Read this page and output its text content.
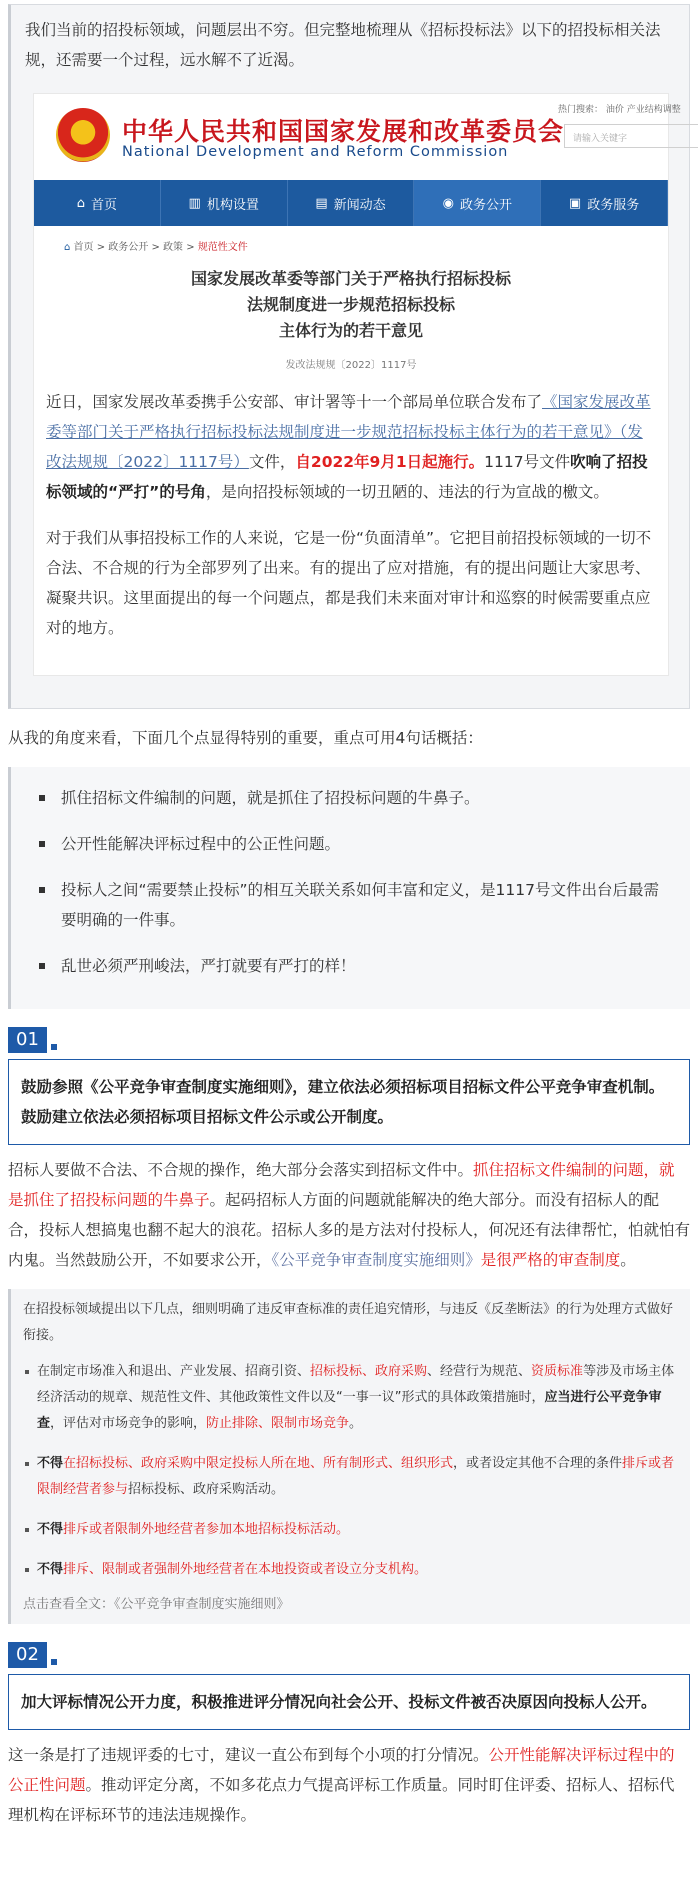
我们当前的招投标领域，问题层出不穷。但完整地梳理从《招标投标法》以下的招投标相关法规，还需要一个过程，远水解不了近渴。
中华人民共和国国家发展和改革委员会
National Development and Reform Commission
热门搜索： 油价 产业结构调整
请输入关键字
⌂ 首页	▥ 机构设置	▤ 新闻动态	◉ 政务公开	▣ 政务服务
⌂ 首页 > 政务公开 > 政策 > 规范性文件
国家发展改革委等部门关于严格执行招标投标
法规制度进一步规范招标投标
主体行为的若干意见
发改法规规〔2022〕1117号
近日，国家发展改革委携手公安部、审计署等十一个部局单位联合发布了《国家发展改革委等部门关于严格执行招标投标法规制度进一步规范招标投标主体行为的若干意见》（发改法规规〔2022〕1117号）文件，自2022年9月1日起施行。1117号文件吹响了招投标领域的“严打”的号角，是向招投标领域的一切丑陋的、违法的行为宣战的檄文。
对于我们从事招投标工作的人来说，它是一份“负面清单”。它把目前招投标领域的一切不合法、不合规的行为全部罗列了出来。有的提出了应对措施，有的提出问题让大家思考、凝聚共识。这里面提出的每一个问题点，都是我们未来面对审计和巡察的时候需要重点应对的地方。
从我的角度来看，下面几个点显得特别的重要，重点可用4句话概括：
抓住招标文件编制的问题，就是抓住了招投标问题的牛鼻子。
公开性能解决评标过程中的公正性问题。
投标人之间“需要禁止投标”的相互关联关系如何丰富和定义，是1117号文件出台后最需要明确的一件事。
乱世必须严刑峻法，严打就要有严打的样！
01
鼓励参照《公平竞争审查制度实施细则》，建立依法必须招标项目招标文件公平竞争审查机制。鼓励建立依法必须招标项目招标文件公示或公开制度。
招标人要做不合法、不合规的操作，绝大部分会落实到招标文件中。抓住招标文件编制的问题，就是抓住了招投标问题的牛鼻子。起码招标人方面的问题就能解决的绝大部分。而没有招标人的配合，投标人想搞鬼也翻不起大的浪花。招标人多的是方法对付投标人，何况还有法律帮忙，怕就怕有内鬼。当然鼓励公开，不如要求公开，《公平竞争审查制度实施细则》是很严格的审查制度。
在招投标领域提出以下几点，细则明确了违反审查标准的责任追究情形，与违反《反垄断法》的行为处理方式做好衔接。
在制定市场准入和退出、产业发展、招商引资、招标投标、政府采购、经营行为规范、资质标准等涉及市场主体经济活动的规章、规范性文件、其他政策性文件以及“一事一议”形式的具体政策措施时，应当进行公平竞争审查，评估对市场竞争的影响，防止排除、限制市场竞争。
不得在招标投标、政府采购中限定投标人所在地、所有制形式、组织形式，或者设定其他不合理的条件排斥或者限制经营者参与招标投标、政府采购活动。
不得排斥或者限制外地经营者参加本地招标投标活动。
不得排斥、限制或者强制外地经营者在本地投资或者设立分支机构。
点击查看全文：《公平竞争审查制度实施细则》
02
加大评标情况公开力度，积极推进评分情况向社会公开、投标文件被否决原因向投标人公开。
这一条是打了违规评委的七寸，建议一直公布到每个小项的打分情况。公开性能解决评标过程中的公正性问题。推动评定分离，不如多花点力气提高评标工作质量。同时盯住评委、招标人、招标代理机构在评标环节的违法违规操作。
